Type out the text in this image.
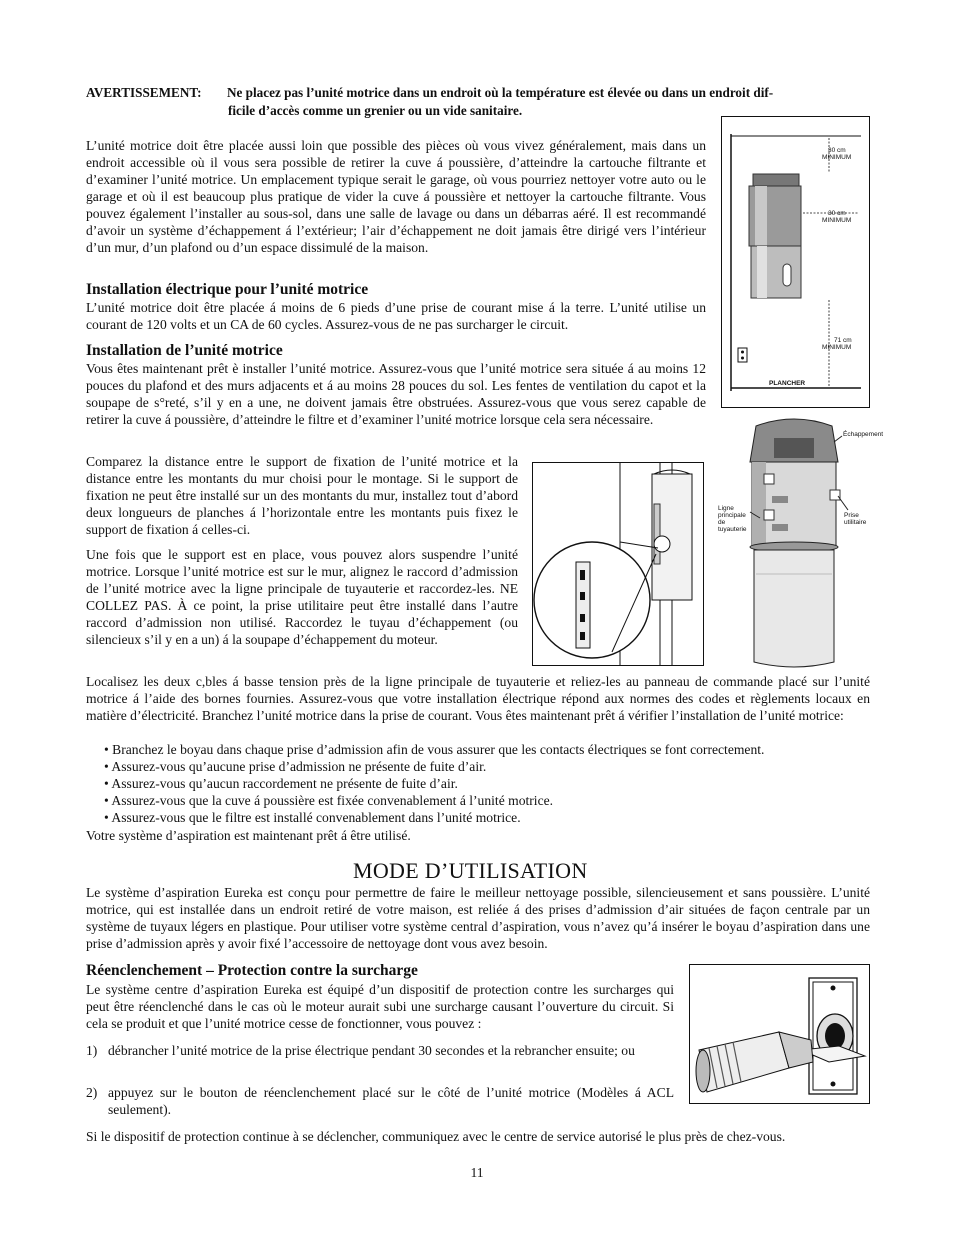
AVERTISSEMENT: Ne placez pas l’unité motrice dans un endroit où la température est élevée ou dans un endroit dif-
ficile d’accès comme un grenier ou un vide sanitaire.

L’unité motrice doit être placée aussi loin que possible des pièces où vous vivez généralement, mais dans un endroit accessible où il vous sera possible de retirer la cuve á poussière, d’atteindre la cartouche filtrante et d’examiner l’unité motrice. Un emplacement typique serait le garage, où vous pourriez nettoyer votre auto ou le garage et où il est beaucoup plus pratique de vider la cuve á poussière et nettoyer la cartouche filtrante. Vous pouvez également l’installer au sous-sol, dans une salle de lavage ou dans un débarras aéré. Il est recommandé d’avoir un système d’échappement á l’extérieur; l’air d’échappement ne doit jamais être dirigé vers l’intérieur d’un mur, d’un plafond ou d’un espace dissimulé de la maison.

Installation électrique pour l’unité motrice

L’unité motrice doit être placée á moins de 6 pieds d’une prise de courant mise á la terre. L’unité utilise un courant de 120 volts et un CA de 60 cycles. Assurez-vous de ne pas surcharger le circuit.

Installation de l’unité motrice

Vous êtes maintenant prêt è installer l’unité motrice. Assurez-vous que l’unité motrice sera située á au moins 12 pouces du plafond et des murs adjacents et á au moins 28 pouces du sol. Les fentes de ventilation du capot et la soupape de s°reté, s’il y en a une, ne doivent jamais être obstruées. Assurez-vous que vous serez capable de retirer la cuve á poussière, d’atteindre le filtre et d’examiner l’unité motrice lorsque cela sera nécessaire.

Comparez la distance entre le support de fixation de l’unité motrice et la distance entre les montants du mur choisi pour le montage. Si le support de fixation ne peut être installé sur un des montants du mur, installez tout d’abord deux longueurs de planches á l’horizontale entre les montants puis fixez le support de fixation á celles-ci.

Une fois que le support est en place, vous pouvez alors suspendre l’unité motrice. Lorsque l’unité motrice est sur le mur, alignez le raccord d’admission de l’unité motrice avec la ligne principale de tuyauterie et raccordez-les. NE COLLEZ PAS. À ce point, la prise utilitaire peut être installé dans l’autre raccord d’admission non utilisé. Raccordez le tuyau d’échappement (ou silencieux s’il y en a un) á la soupape d’échappement du moteur.

Localisez les deux c,bles á basse tension près de la ligne principale de tuyauterie et reliez-les au panneau de commande placé sur l’unité motrice á l’aide des bornes fournies. Assurez-vous que votre installation électrique répond aux normes des codes et règlements locaux en matière d’électricité. Branchez l’unité motrice dans la prise de courant. Vous êtes maintenant prêt á vérifier l’installation de l’unité motrice:

• Branchez le boyau dans chaque prise d’admission afin de vous assurer que les contacts électriques se font correctement.
• Assurez-vous qu’aucune prise d’admission ne présente de fuite d’air.
• Assurez-vous qu’aucun raccordement ne présente de fuite d’air.
• Assurez-vous que la cuve á poussière est fixée convenablement á l’unité motrice.
• Assurez-vous que le filtre est installé convenablement dans l’unité motrice.

Votre système d’aspiration est maintenant prêt á être utilisé.

MODE D’UTILISATION

Le système d’aspiration Eureka est conçu pour permettre de faire le meilleur nettoyage possible, silencieusement et sans poussière. L’unité motrice, qui est installée dans un endroit retiré de votre maison, est reliée á des prises d’admission d’air situées de façon centrale par un système de tuyaux légers en plastique. Pour utiliser votre système central d’aspiration, vous n’avez qu’á insérer le boyau d’aspiration dans une prise d’admission après y avoir fixé l’accessoire de nettoyage dont vous avez besoin.

Réenclenchement – Protection contre la surcharge

Le système centre d’aspiration Eureka est équipé d’un dispositif de protection contre les surcharges qui peut être réenclenché dans le cas où le moteur aurait subi une surcharge causant l’ouverture du circuit. Si cela se produit et que l’unité motrice cesse de fonctionner, vous pouvez :

1) débrancher l’unité motrice de la prise électrique pendant 30 secondes et la rebrancher ensuite; ou
2) appuyez sur le bouton de réenclenchement placé sur le côté de l’unité motrice (Modèles á ACL seulement).

Si le dispositif de protection continue à se déclencher, communiquez avec le centre de service autorisé le plus près de chez-vous.

11
30 cm
MINIMUM
30 cm
MINIMUM
71 cm
MINIMUM
PLANCHER
Échappement
Ligne
principale
de
tuyauterie
Prise
utilitaire
